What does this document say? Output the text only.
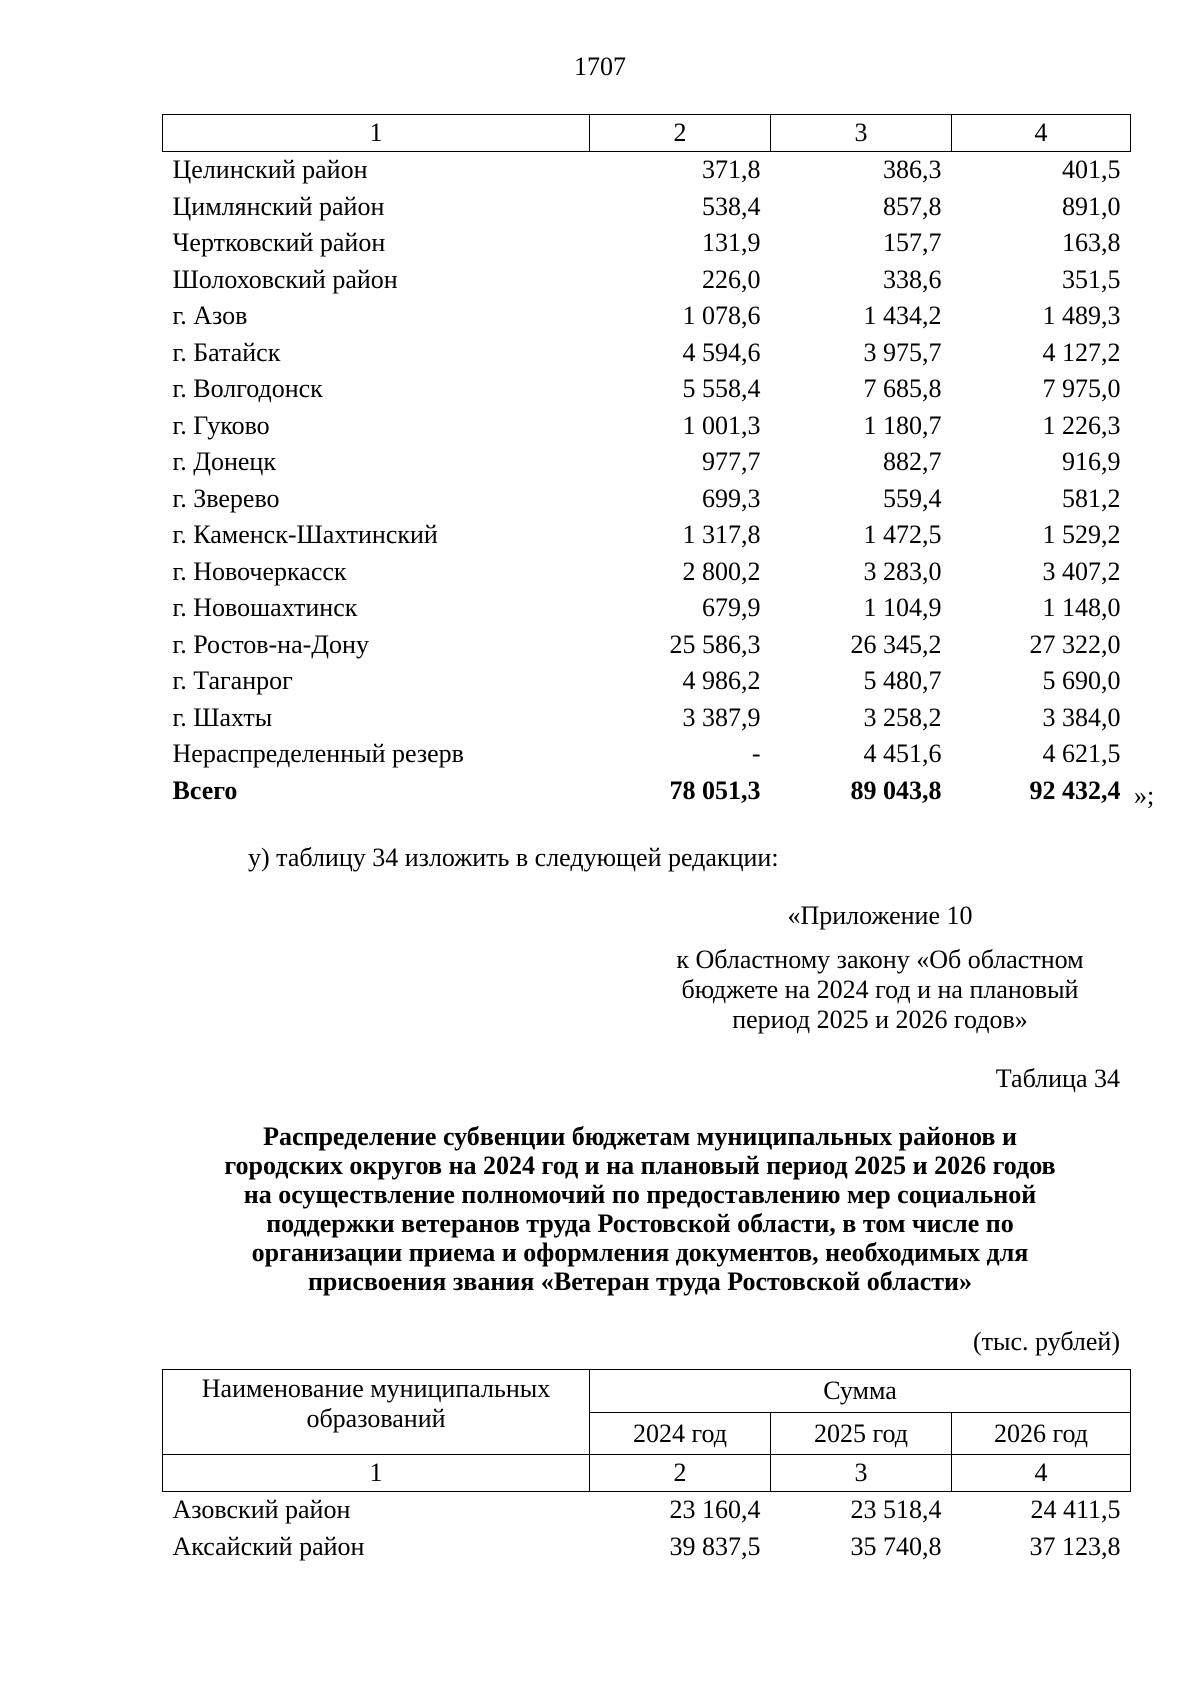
1707
1	2	3	4
Целинский район	371,8	386,3	401,5
Цимлянский район	538,4	857,8	891,0
Чертковский район	131,9	157,7	163,8
Шолоховский район	226,0	338,6	351,5
г. Азов	1 078,6	1 434,2	1 489,3
г. Батайск	4 594,6	3 975,7	4 127,2
г. Волгодонск	5 558,4	7 685,8	7 975,0
г. Гуково	1 001,3	1 180,7	1 226,3
г. Донецк	977,7	882,7	916,9
г. Зверево	699,3	559,4	581,2
г. Каменск-Шахтинский	1 317,8	1 472,5	1 529,2
г. Новочеркасск	2 800,2	3 283,0	3 407,2
г. Новошахтинск	679,9	1 104,9	1 148,0
г. Ростов-на-Дону	25 586,3	26 345,2	27 322,0
г. Таганрог	4 986,2	5 480,7	5 690,0
г. Шахты	3 387,9	3 258,2	3 384,0
Нераспределенный резерв	-	4 451,6	4 621,5
Всего	78 051,3	89 043,8	92 432,4 »;
у) таблицу 34 изложить в следующей редакции:
«Приложение 10
к Областному закону «Об областном
бюджете на 2024 год и на плановый
период 2025 и 2026 годов»
Таблица 34
Распределение субвенции бюджетам муниципальных районов и
городских округов на 2024 год и на плановый период 2025 и 2026 годов
на осуществление полномочий по предоставлению мер социальной
поддержки ветеранов труда Ростовской области, в том числе по
организации приема и оформления документов, необходимых для
присвоения звания «Ветеран труда Ростовской области»
(тыс. рублей)
Наименование муниципальных
образований	Сумма		
	2024 год	2025 год	2026 год
1	2	3	4
Азовский район	23 160,4	23 518,4	24 411,5
Аксайский район	39 837,5	35 740,8	37 123,8
